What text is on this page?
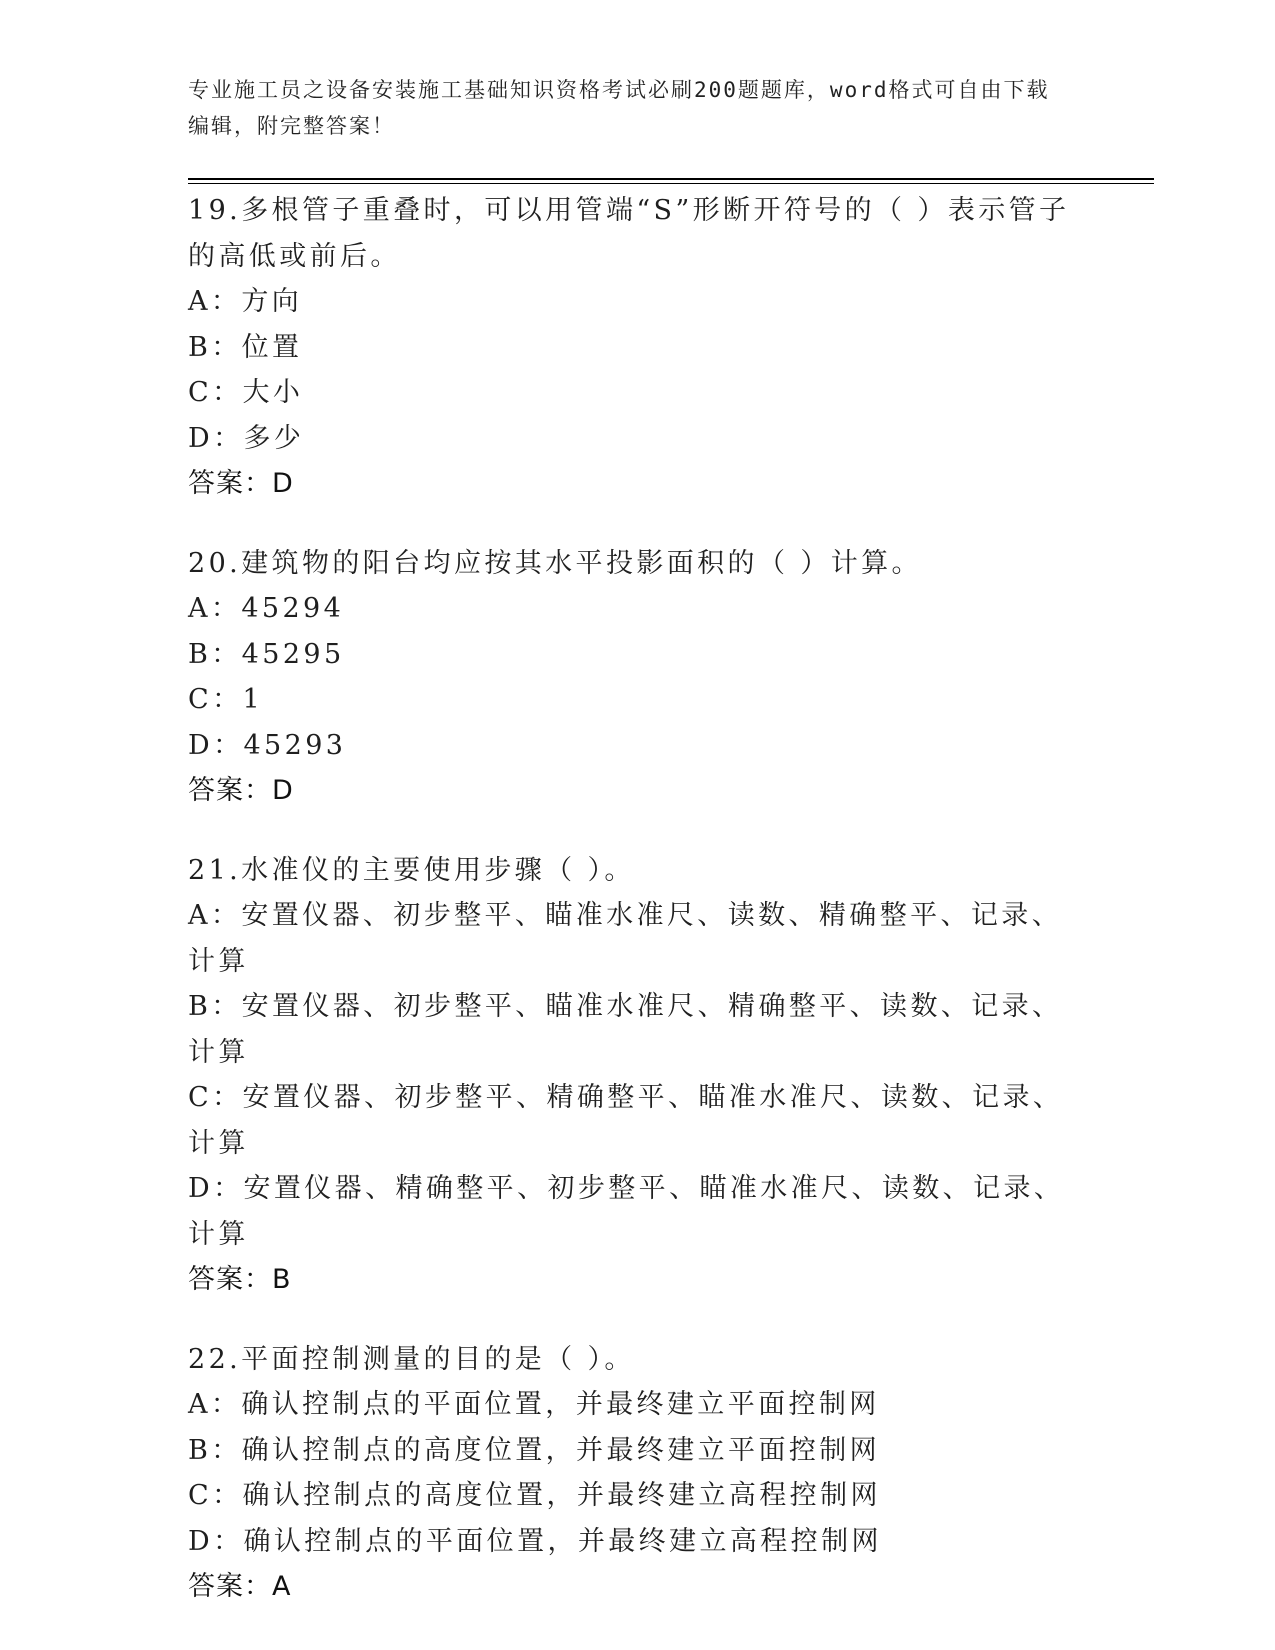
专业施工员之设备安装施工基础知识资格考试必刷200题题库，word格式可自由下载编辑，附完整答案！
19.多根管子重叠时，可以用管端“S”形断开符号的（ ）表示管子的高低或前后。
A：方向
B：位置
C：大小
D：多少
答案：D
20.建筑物的阳台均应按其水平投影面积的（ ）计算。
A：45294
B：45295
C：1
D：45293
答案：D
21.水准仪的主要使用步骤（ ）。
A：安置仪器、初步整平、瞄准水准尺、读数、精确整平、记录、计算
B：安置仪器、初步整平、瞄准水准尺、精确整平、读数、记录、计算
C：安置仪器、初步整平、精确整平、瞄准水准尺、读数、记录、计算
D：安置仪器、精确整平、初步整平、瞄准水准尺、读数、记录、计算
答案：B
22.平面控制测量的目的是（ ）。
A：确认控制点的平面位置，并最终建立平面控制网
B：确认控制点的高度位置，并最终建立平面控制网
C：确认控制点的高度位置，并最终建立高程控制网
D：确认控制点的平面位置，并最终建立高程控制网
答案：A
